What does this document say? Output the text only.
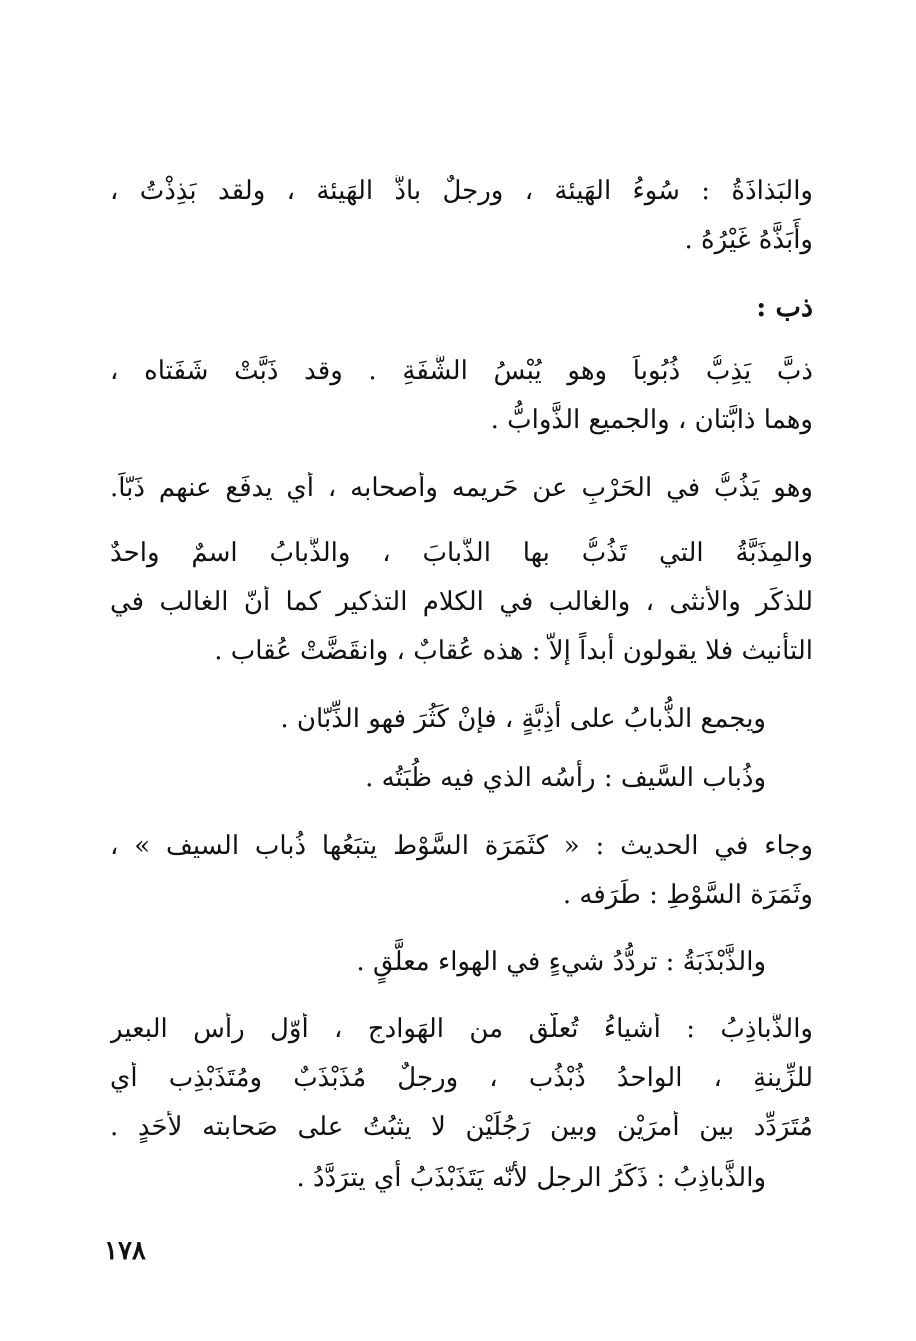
والبَذاذَةُ : سُوءُ الهَيئة ، ورجلٌ باذُّ الهَيئة ، ولقد بَذِذْتُ ،
وأَبَذَّهُ غَيْرُهُ .
ذب :
ذبَّ يَذِبُّ ذُبُوباً وهو يُبْسُ الشَّفَةِ . وقد ذَبَّتْ شَفَتاه ،
وهما ذابَّتان ، والجميع الذَّوابُّ .
وهو يَذُبُّ في الحَرْبِ عن حَريمه وأصحابه ، أي يدفَع عنهم ذَبّاً.
والمِذَبَّةُ التي تَذُبُّ بها الذُّبابَ ، والذُّبابُ اسمٌ واحدٌ
للذكَر والأنثى ، والغالب في الكلام التذكير كما أنّ الغالب في
التأنيث فلا يقولون أبداً إلاّ : هذه عُقابٌ ، وانقَضَّتْ عُقاب .
ويجمع الذُّبابُ على أذِبَّةٍ ، فإنْ كَثُرَ فهو الذِّبّان .
وذُباب السَّيف : رأسُه الذي فيه ظُبَتُه .
وجاء في الحديث : « كثَمَرَة السَّوْط يتبَعُها ذُباب السيف » ،
وثَمَرَة السَّوْطِ : طَرَفه .
والذَّبْذَبَةُ : تردُّدُ شيءٍ في الهواء معلَّقٍ .
والذَّباذِبُ : أشياءُ تُعلَّق من الهَوادج ، أوّل رأسِ البعير
للزِّينةِ ، الواحدُ ذُبْذُب ، ورجلٌ مُذَبْذَبٌ ومُتَذَبْذِب أي
مُتَرَدِّد بين أمرَيْن وبين رَجُلَيْن لا يثبُتُ على صَحابته لأحَدٍ .
والذَّباذِبُ : ذَكَرُ الرجل لأنّه يَتَذَبْذَبُ أي يترَدَّدُ .
١٧٨
